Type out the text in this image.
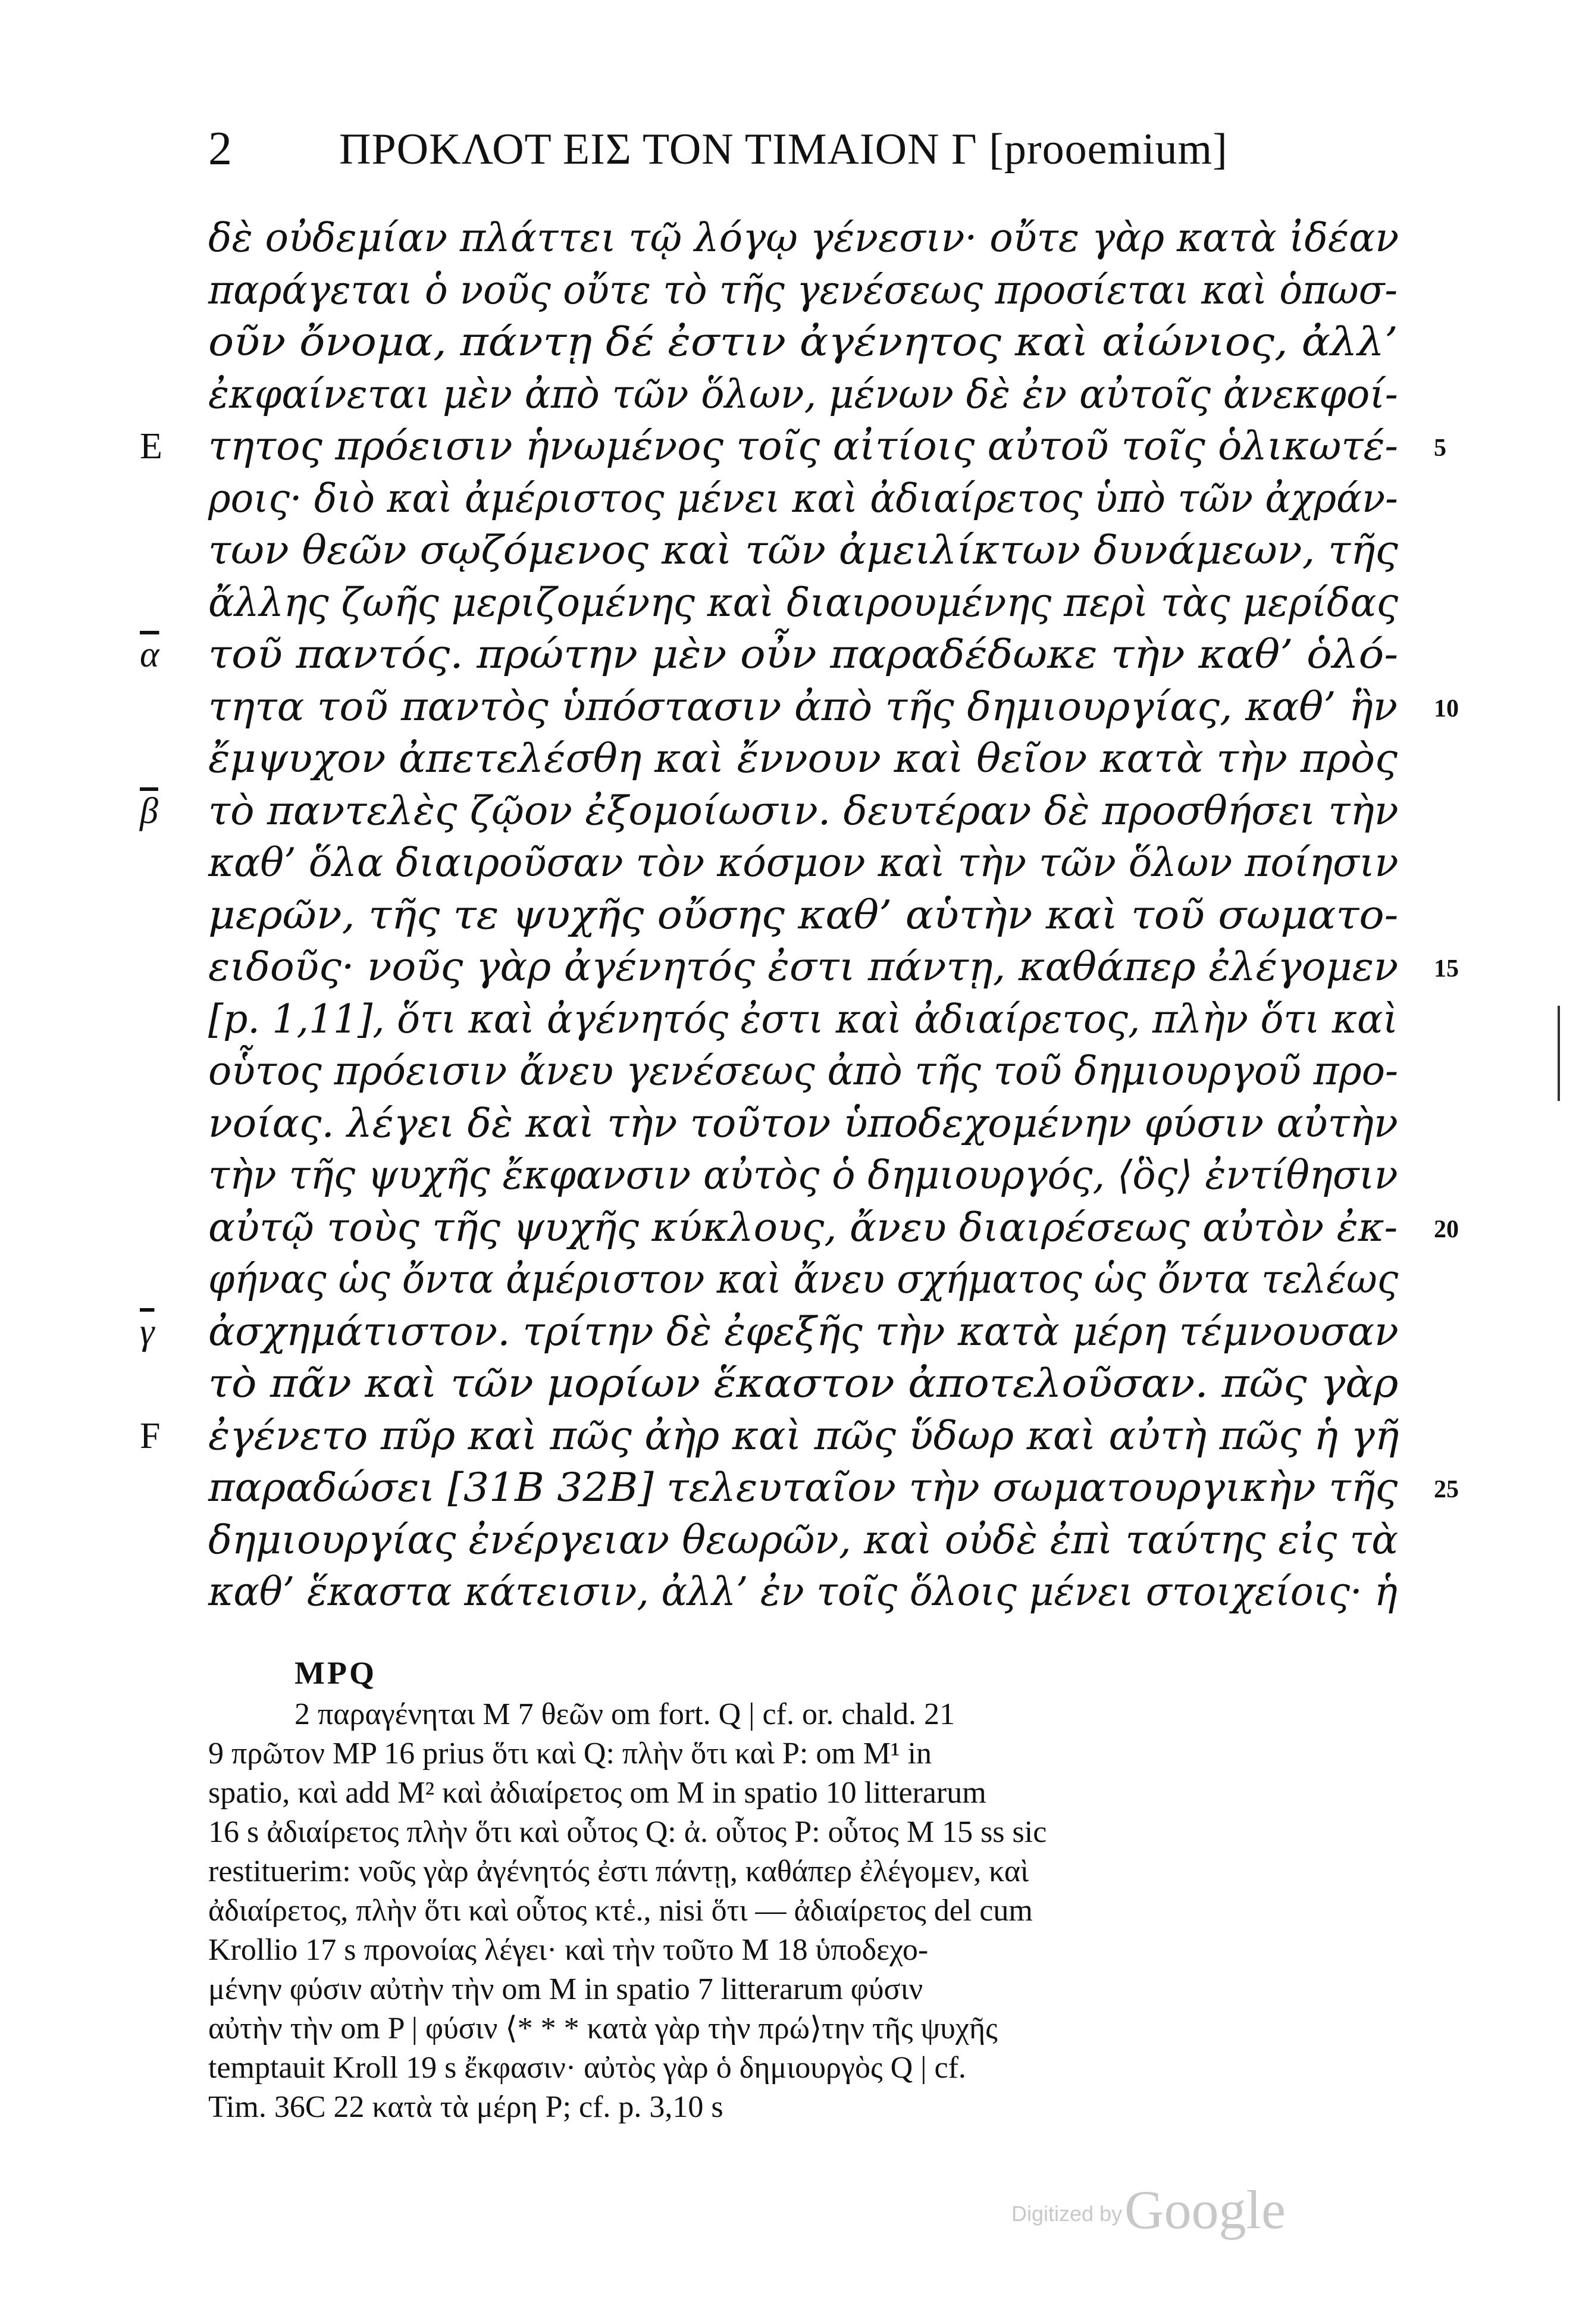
2 ΠΡΟΚΛΟΤ ΕΙΣ ΤΟΝ ΤΙΜΑΙΟΝ Γ [prooemium]
δὲ οὐδεμίαν πλάττει τῷ λόγῳ γένεσιν· οὔτε γὰρ κατὰ ἰδέαν
παράγεται ὁ νοῦς οὔτε τὸ τῆς γενέσεως προσίεται καὶ ὁπωσ-
οῦν ὄνομα, πάντῃ δέ ἐστιν ἀγένητος καὶ αἰώνιος, ἀλλ’
ἐκφαίνεται μὲν ἀπὸ τῶν ὅλων, μένων δὲ ἐν αὐτοῖς ἀνεκφοί-
τητος πρόεισιν ἡνωμένος τοῖς αἰτίοις αὐτοῦ τοῖς ὁλικωτέ-
E	5
ροις· διὸ καὶ ἀμέριστος μένει καὶ ἀδιαίρετος ὑπὸ τῶν ἀχράν-
των θεῶν σῳζόμενος καὶ τῶν ἀμειλίκτων δυνάμεων, τῆς
ἄλλης ζωῆς μεριζομένης καὶ διαιρουμένης περὶ τὰς μερίδας
τοῦ παντός. πρώτην μὲν οὖν παραδέδωκε τὴν καθ’ ὁλό-
$\overline{\alpha}$
τητα τοῦ παντὸς ὑπόστασιν ἀπὸ τῆς δημιουργίας, καθ’ ἣν 10
ἔμψυχον ἀπετελέσθη καὶ ἔννουν καὶ θεῖον κατὰ τὴν πρὸς
τὸ παντελὲς ζῷον ἐξομοίωσιν. δευτέραν δὲ προσθήσει τὴν
$\overline{\beta}$
καθ’ ὅλα διαιροῦσαν τὸν κόσμον καὶ τὴν τῶν ὅλων ποίησιν
μερῶν, τῆς τε ψυχῆς οὔσης καθ’ αὑτὴν καὶ τοῦ σωματο-
ειδοῦς· νοῦς γὰρ ἀγένητός ἐστι πάντῃ, καθάπερ ἐλέγομεν 15
[p. 1,11], ὅτι καὶ ἀγένητός ἐστι καὶ ἀδιαίρετος, πλὴν ὅτι καὶ
οὗτος πρόεισιν ἄνευ γενέσεως ἀπὸ τῆς τοῦ δημιουργοῦ προ-
νοίας. λέγει δὲ καὶ τὴν τοῦτον ὑποδεχομένην φύσιν αὐτὴν
τὴν τῆς ψυχῆς ἔκφανσιν αὐτὸς ὁ δημιουργός, ⟨ὃς⟩ ἐντίθησιν
αὐτῷ τοὺς τῆς ψυχῆς κύκλους, ἄνευ διαιρέσεως αὐτὸν ἐκ- 20
φήνας ὡς ὄντα ἀμέριστον καὶ ἄνευ σχήματος ὡς ὄντα τελέως
ἀσχημάτιστον. τρίτην δὲ ἐφεξῆς τὴν κατὰ μέρη τέμνουσαν
$\overline{\gamma}$
τὸ πᾶν καὶ τῶν μορίων ἕκαστον ἀποτελοῦσαν. πῶς γὰρ
ἐγένετο πῦρ καὶ πῶς ἀὴρ καὶ πῶς ὕδωρ καὶ αὐτὴ πῶς ἡ γῆ
F
παραδώσει [31B 32B] τελευταῖον τὴν σωματουργικὴν τῆς 25
δημιουργίας ἐνέργειαν θεωρῶν, καὶ οὐδὲ ἐπὶ ταύτης εἰς τὰ
καθ’ ἕκαστα κάτεισιν, ἀλλ’ ἐν τοῖς ὅλοις μένει στοιχείοις· ἡ
MPQ
2 παραγένηται M 7 θεῶν om fort. Q | cf. or. chald. 21
9 πρῶτον MP 16 prius ὅτι καὶ Q: πλὴν ὅτι καὶ P: om M¹ in
spatio, καὶ add M² καὶ ἀδιαίρετος om M in spatio 10 litterarum
16 s ἀδιαίρετος πλὴν ὅτι καὶ οὗτος Q: ἀ. οὗτος P: οὗτος M 15 ss sic
restituerim: νοῦς γὰρ ἀγένητός ἐστι πάντῃ, καθάπερ ἐλέγομεν, καὶ
ἀδιαίρετος, πλὴν ὅτι καὶ οὗτος κτἑ., nisi ὅτι — ἀδιαίρετος del cum
Krollio 17 s προνοίας λέγει· καὶ τὴν τοῦτο M 18 ὑποδεχο-
μένην φύσιν αὐτὴν τὴν om M in spatio 7 litterarum φύσιν
αὐτὴν τὴν om P | φύσιν ⟨* * * κατὰ γὰρ τὴν πρώ⟩την τῆς ψυχῆς
temptauit Kroll 19 s ἔκφασιν· αὐτὸς γὰρ ὁ δημιουργὸς Q | cf.
Tim. 36C 22 κατὰ τὰ μέρη P; cf. p. 3,10 s
Digitized by Google
